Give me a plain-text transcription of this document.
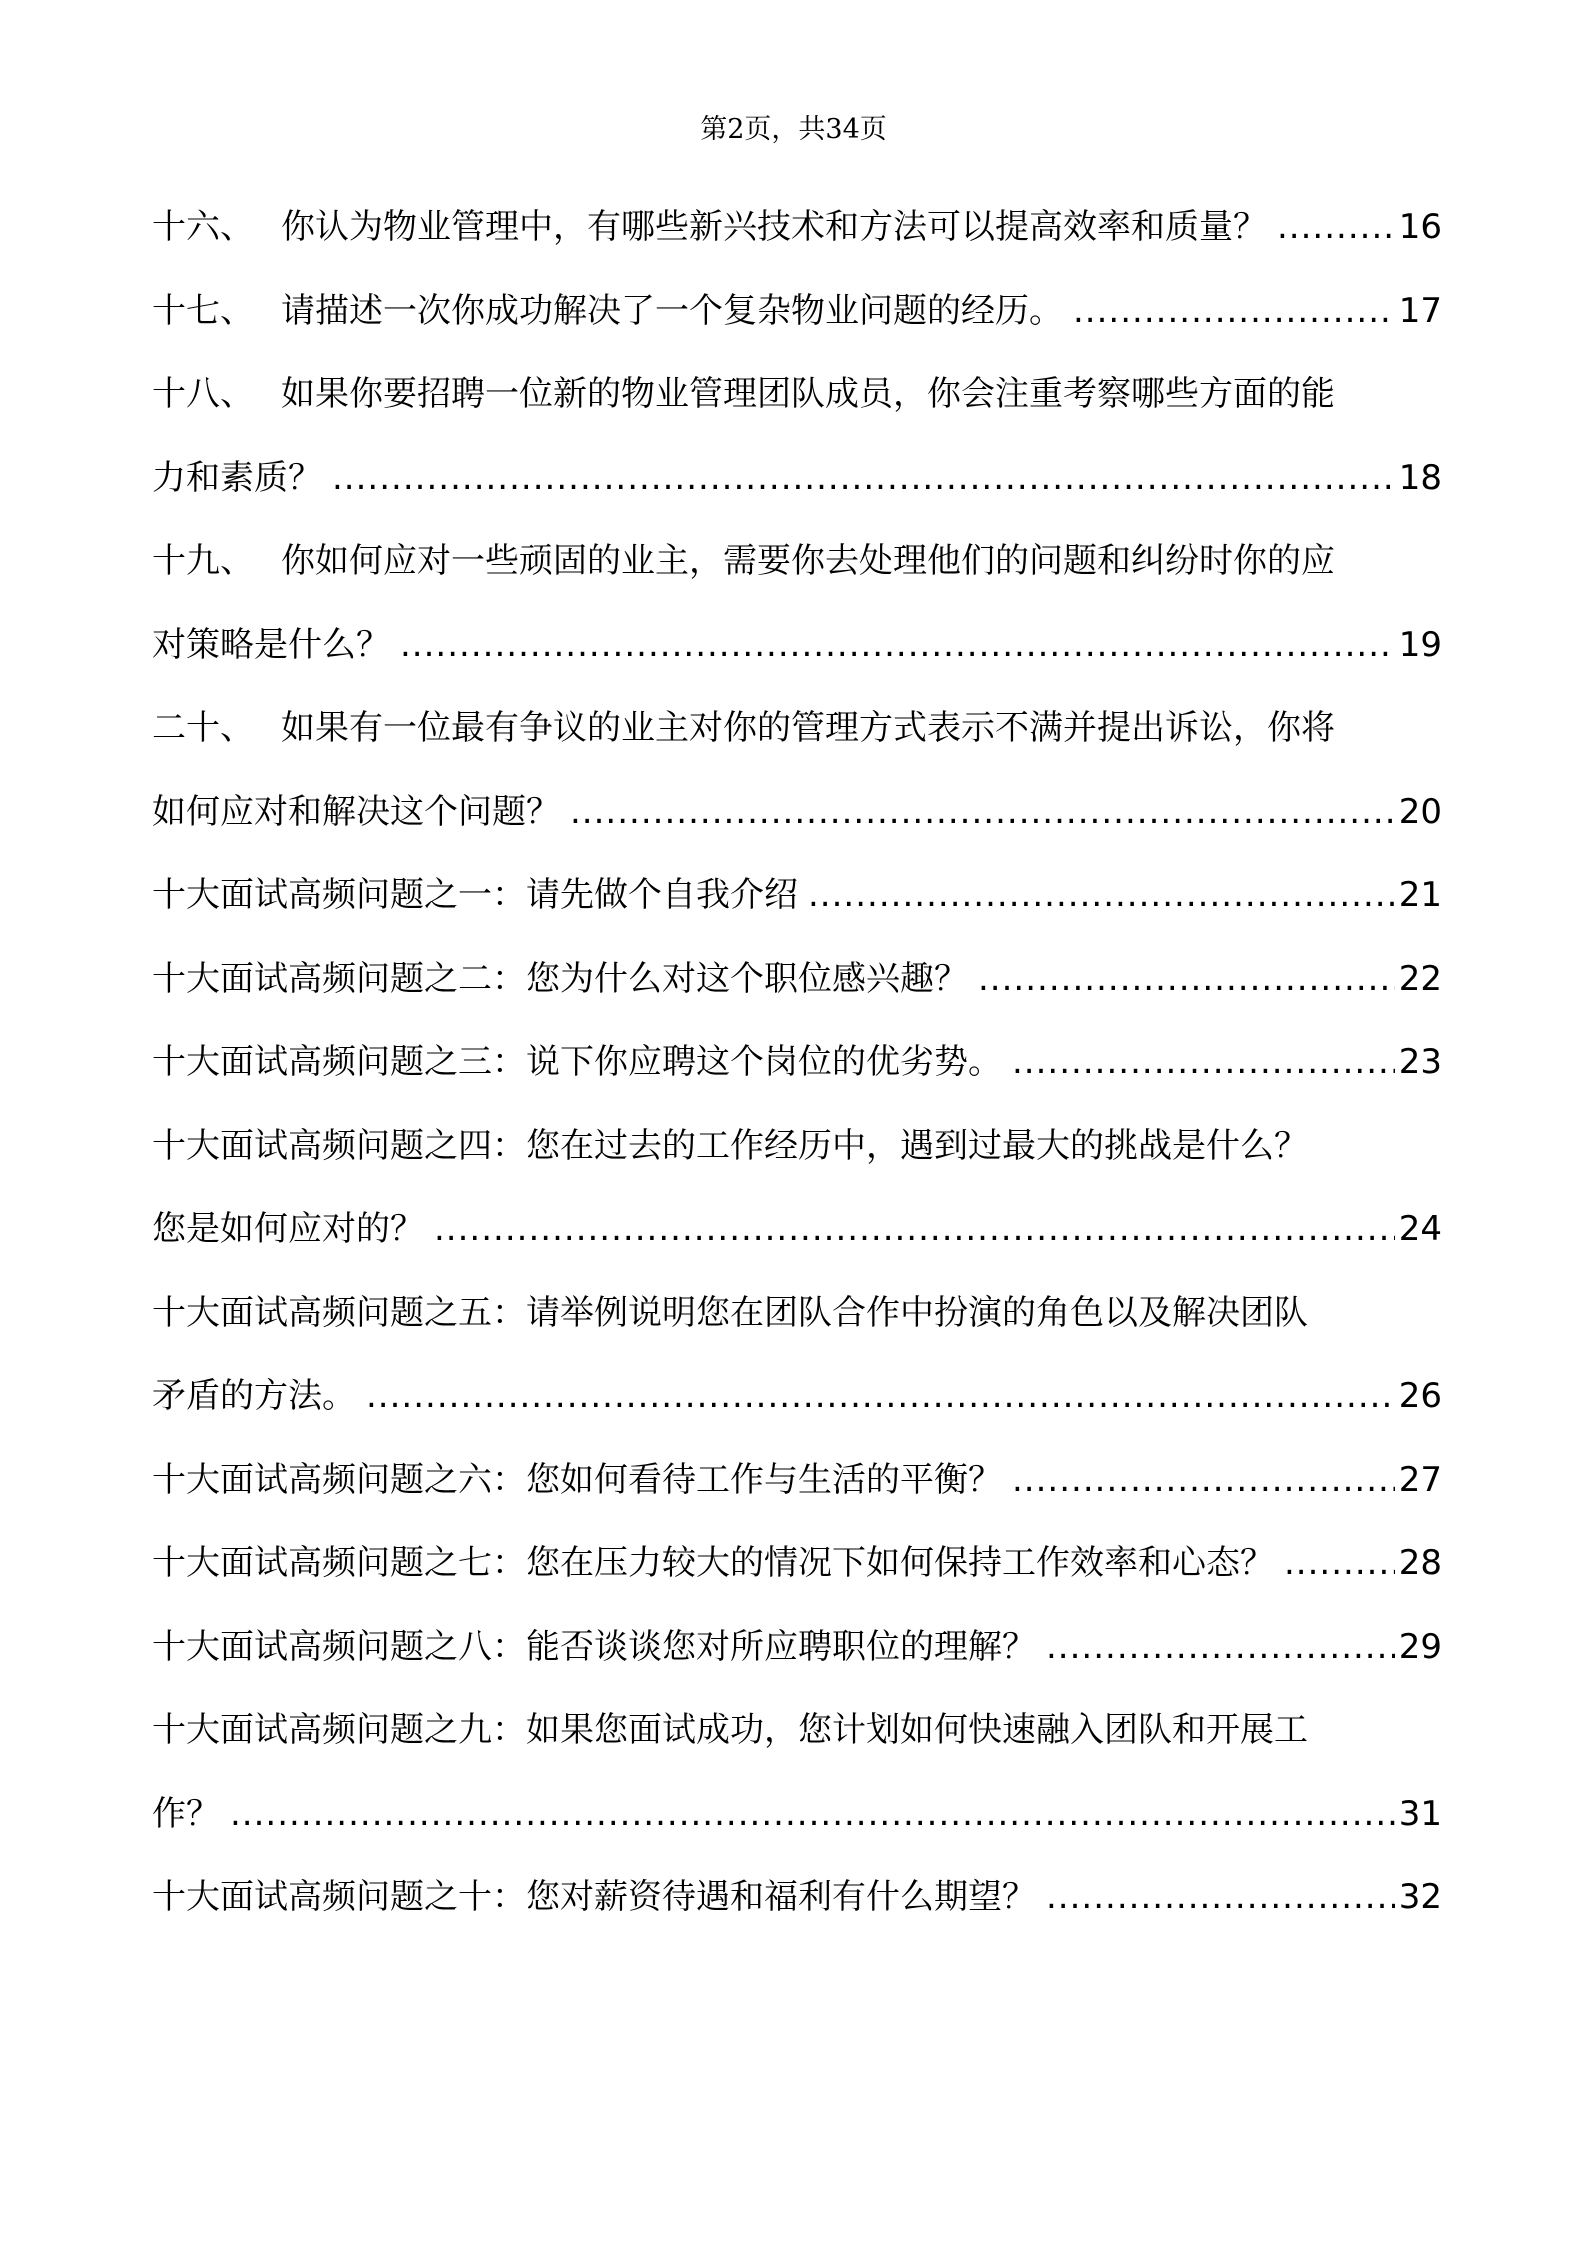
第2页，共34页
十六、 你认为物业管理中，有哪些新兴技术和方法可以提高效率和质量？ .....	16
十七、 请描述一次你成功解决了一个复杂物业问题的经历。 .....	17
十八、 如果你要招聘一位新的物业管理团队成员，你会注重考察哪些方面的能
力和素质？ .....	18
十九、 你如何应对一些顽固的业主，需要你去处理他们的问题和纠纷时你的应
对策略是什么？ .....	19
二十、 如果有一位最有争议的业主对你的管理方式表示不满并提出诉讼，你将
如何应对和解决这个问题？ .....	20
十大面试高频问题之一：请先做个自我介绍 .....	21
十大面试高频问题之二：您为什么对这个职位感兴趣？ .....	22
十大面试高频问题之三：说下你应聘这个岗位的优劣势。 .....	23
十大面试高频问题之四：您在过去的工作经历中，遇到过最大的挑战是什么？
您是如何应对的？ .....	24
十大面试高频问题之五：请举例说明您在团队合作中扮演的角色以及解决团队
矛盾的方法。 .....	26
十大面试高频问题之六：您如何看待工作与生活的平衡？ .....	27
十大面试高频问题之七：您在压力较大的情况下如何保持工作效率和心态？ .....	28
十大面试高频问题之八：能否谈谈您对所应聘职位的理解？ .....	29
十大面试高频问题之九：如果您面试成功，您计划如何快速融入团队和开展工
作？ .....	31
十大面试高频问题之十：您对薪资待遇和福利有什么期望？ .....	32
